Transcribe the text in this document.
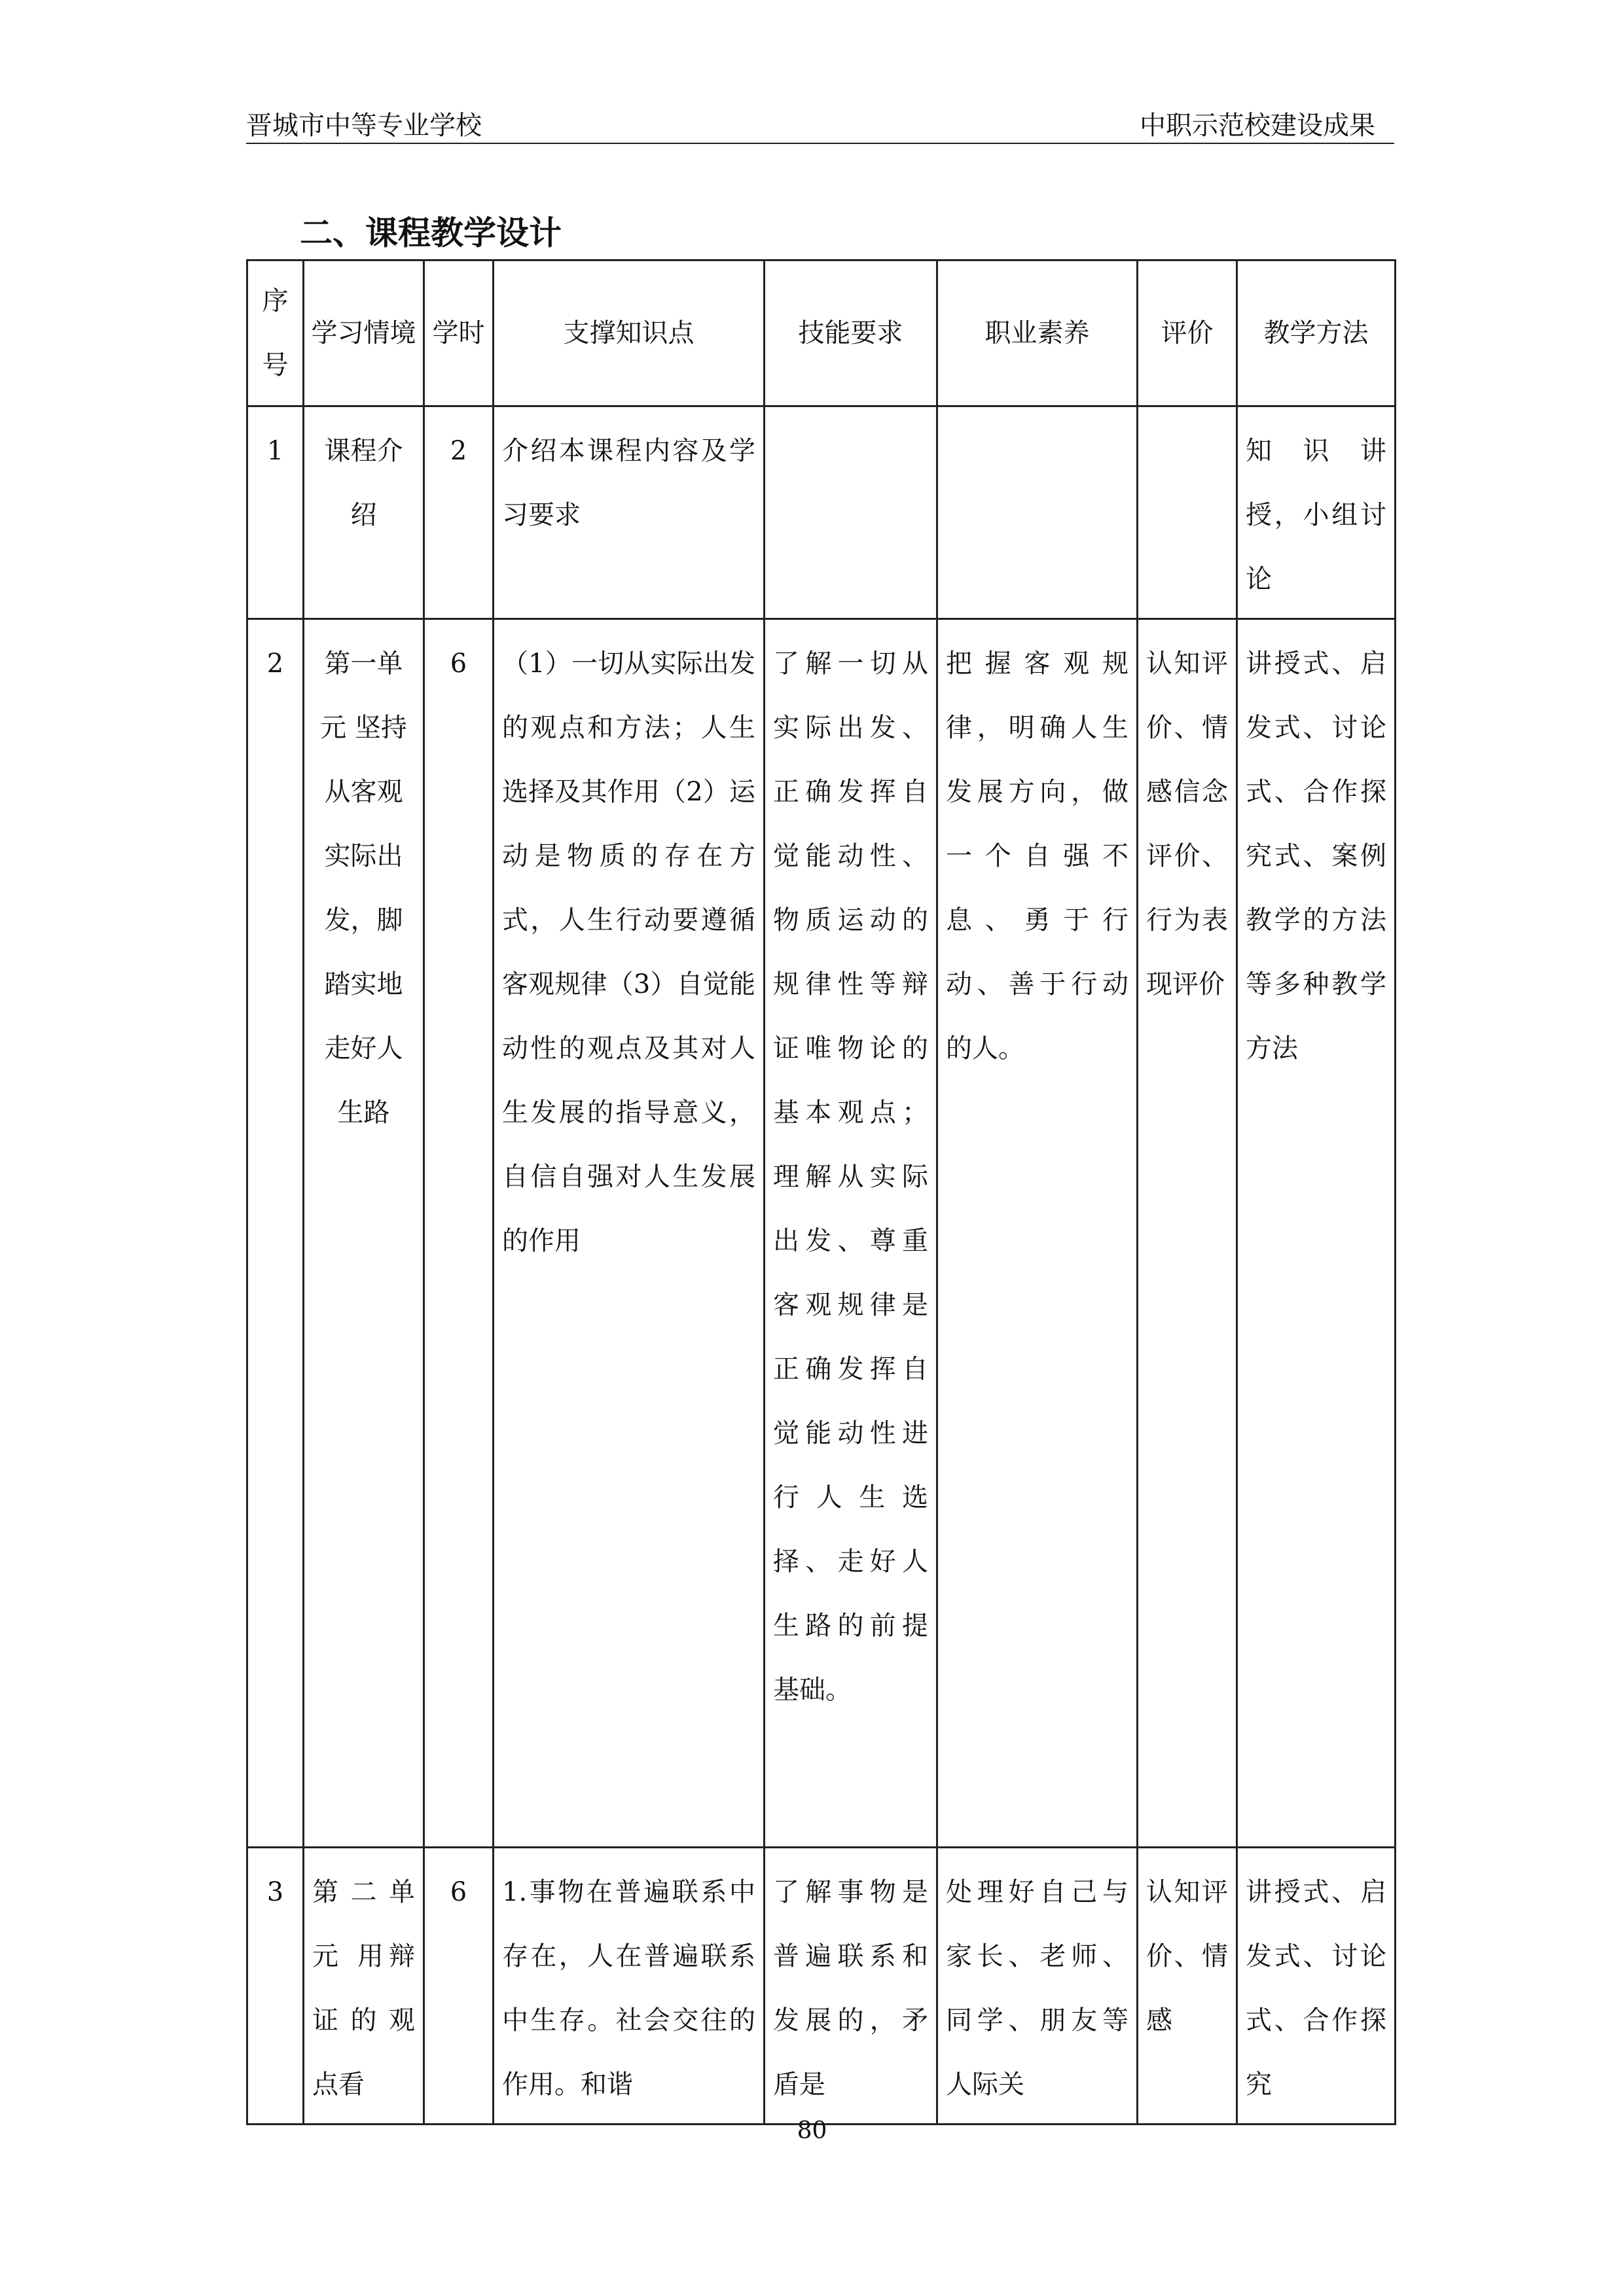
晋城市中等专业学校	中职示范校建设成果
二、课程教学设计
序号	学习情境	学时	支撑知识点	技能要求	职业素养	评价	教学方法
1	课程介绍	2	介绍本课程内容及学习要求				知 识 讲授，小组讨论
2	第一单元 坚持从客观实际出发，脚踏实地走好人生路	6	（1）一切从实际出发的观点和方法；人生选择及其作用（2）运动是物质的存在方式，人生行动要遵循客观规律（3）自觉能动性的观点及其对人生发展的指导意义，自信自强对人生发展的作用	了解一切从实际出发、正确发挥自觉能动性、物质运动的规律性等辩证唯物论的基本观点；理解从实际出发、尊重客观规律是正确发挥自觉能动性进行人生选择、走好人生路的前提基础。	把握客观规律，明确人生发展方向，做一个自强不息、勇于行动、善于行动的人。	认知评价、情感信念评价、行为表现评价	讲授式、启发式、讨论式、合作探究式、案例教学的方法等多种教学方法
3	第二单元 用辩证的观点看	6	1.事物在普遍联系中存在，人在普遍联系中生存。社会交往的作用。和谐	了解事物是普遍联系和发展的，矛盾是	处理好自己与家长、老师、同学、朋友等人际关	认知评价、情感	讲授式、启发式、讨论式、合作探究
80
